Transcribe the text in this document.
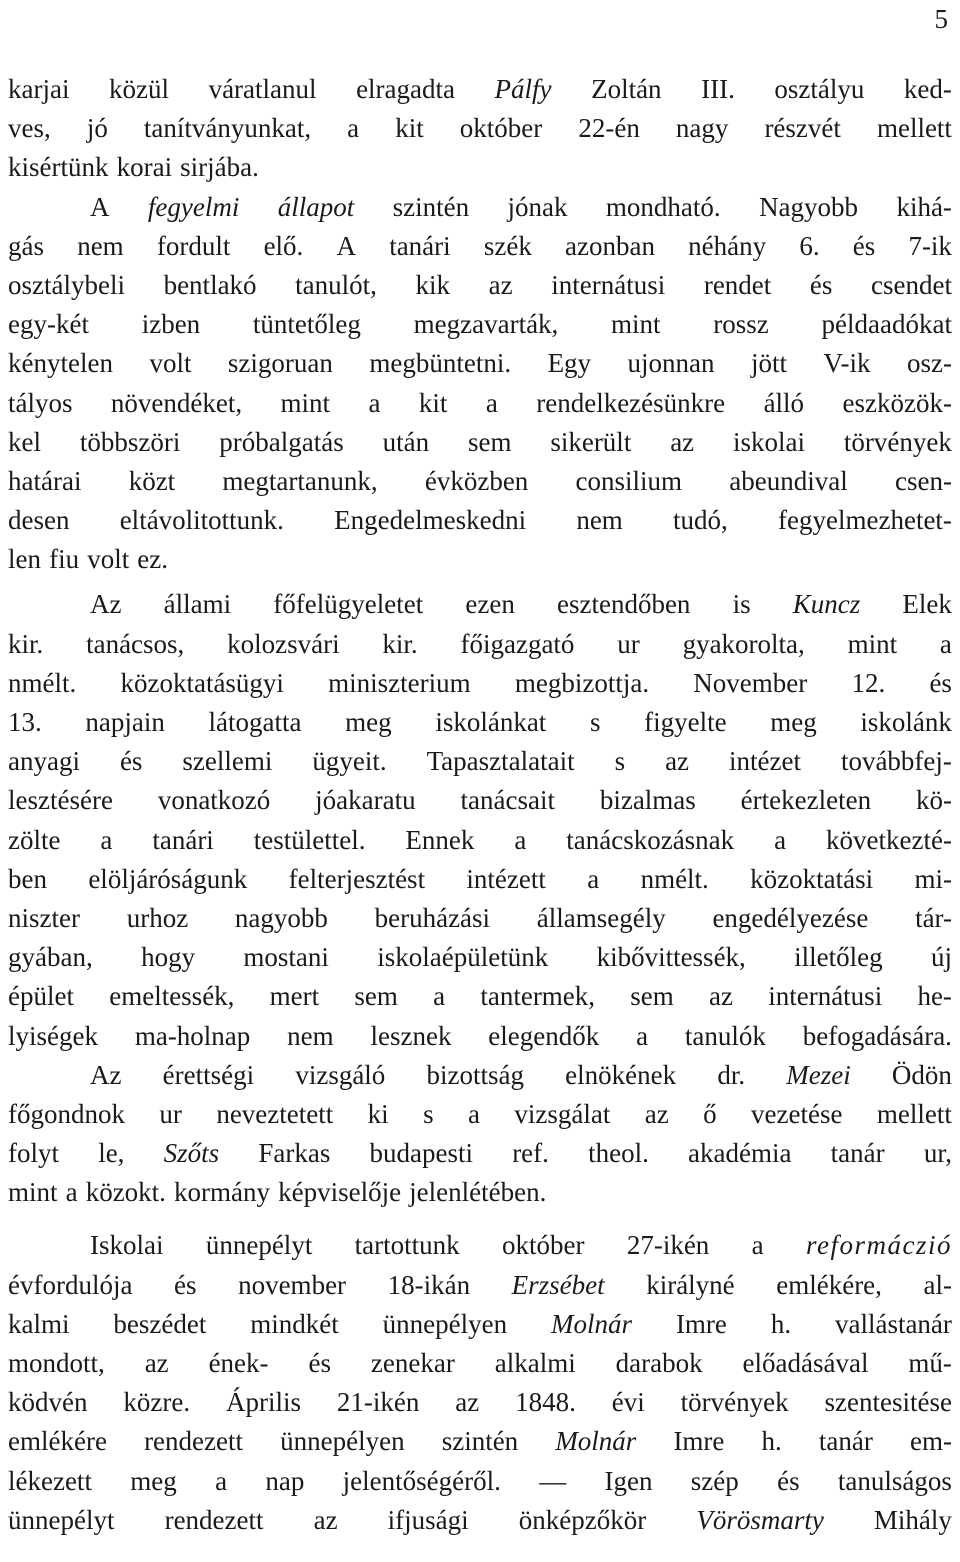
5
karjai közül váratlanul elragadta Pálfy Zoltán III. osztályu ked-
ves, jó tanítványunkat, a kit október 22-én nagy részvét mellett
kisértünk korai sirjába.
A fegyelmi állapot szintén jónak mondható. Nagyobb kihá-
gás nem fordult elő. A tanári szék azonban néhány 6. és 7-ik
osztálybeli bentlakó tanulót, kik az internátusi rendet és csendet
egy-két izben tüntetőleg megzavarták, mint rossz példaadókat
kénytelen volt szigoruan megbüntetni. Egy ujonnan jött V-ik osz-
tályos növendéket, mint a kit a rendelkezésünkre álló eszközök-
kel többszöri próbalgatás után sem sikerült az iskolai törvények
határai közt megtartanunk, évközben consilium abeundival csen-
desen eltávolitottunk. Engedelmeskedni nem tudó, fegyelmezhetet-
len fiu volt ez.
Az állami főfelügyeletet ezen esztendőben is Kuncz Elek
kir. tanácsos, kolozsvári kir. főigazgató ur gyakorolta, mint a
nmélt. közoktatásügyi miniszterium megbizottja. November 12. és
13. napjain látogatta meg iskolánkat s figyelte meg iskolánk
anyagi és szellemi ügyeit. Tapasztalatait s az intézet továbbfej-
lesztésére vonatkozó jóakaratu tanácsait bizalmas értekezleten kö-
zölte a tanári testülettel. Ennek a tanácskozásnak a következté-
ben elöljáróságunk felterjesztést intézett a nmélt. közoktatási mi-
niszter urhoz nagyobb beruházási államsegély engedélyezése tár-
gyában, hogy mostani iskolaépületünk kibővittessék, illetőleg új
épület emeltessék, mert sem a tantermek, sem az internátusi he-
lyiségek ma-holnap nem lesznek elegendők a tanulók befogadására.
Az érettségi vizsgáló bizottság elnökének dr. Mezei Ödön
főgondnok ur neveztetett ki s a vizsgálat az ő vezetése mellett
folyt le, Szőts Farkas budapesti ref. theol. akadémia tanár ur,
mint a közokt. kormány képviselője jelenlétében.
Iskolai ünnepélyt tartottunk október 27-ikén a reformáczió
évfordulója és november 18-ikán Erzsébet királyné emlékére, al-
kalmi beszédet mindkét ünnepélyen Molnár Imre h. vallástanár
mondott, az ének- és zenekar alkalmi darabok előadásával mű-
ködvén közre. Április 21-ikén az 1848. évi törvények szentesitése
emlékére rendezett ünnepélyen szintén Molnár Imre h. tanár em-
lékezett meg a nap jelentőségéről. — Igen szép és tanulságos
ünnepélyt rendezett az ifjusági önképzőkör Vörösmarty Mihály
